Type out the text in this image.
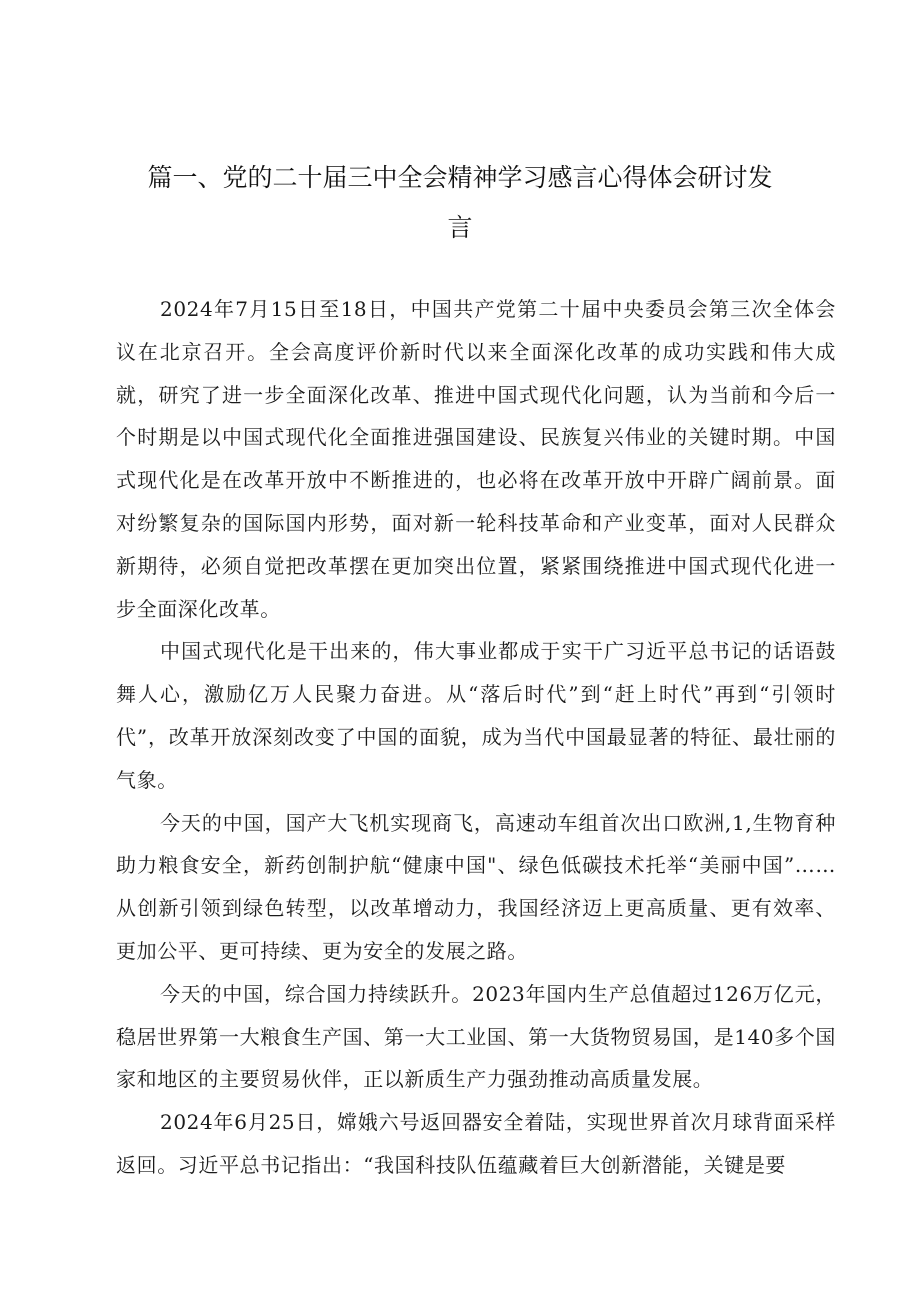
篇一、党的二十届三中全会精神学习感言心得体会研讨发
言

2024年7月15日至18日，中国共产党第二十届中央委员会第三次全体会议在北京召开。全会高度评价新时代以来全面深化改革的成功实践和伟大成就，研究了进一步全面深化改革、推进中国式现代化问题，认为当前和今后一个时期是以中国式现代化全面推进强国建设、民族复兴伟业的关键时期。中国式现代化是在改革开放中不断推进的，也必将在改革开放中开辟广阔前景。面对纷繁复杂的国际国内形势，面对新一轮科技革命和产业变革，面对人民群众新期待，必须自觉把改革摆在更加突出位置，紧紧围绕推进中国式现代化进一步全面深化改革。

中国式现代化是干出来的，伟大事业都成于实干广习近平总书记的话语鼓舞人心，激励亿万人民聚力奋进。从“落后时代”到“赶上时代”再到“引领时代”，改革开放深刻改变了中国的面貌，成为当代中国最显著的特征、最壮丽的气象。

今天的中国，国产大飞机实现商飞，高速动车组首次出口欧洲,1,生物育种助力粮食安全，新药创制护航“健康中国"、绿色低碳技术托举“美丽中国”……从创新引领到绿色转型，以改革增动力，我国经济迈上更高质量、更有效率、更加公平、更可持续、更为安全的发展之路。

今天的中国，综合国力持续跃升。2023年国内生产总值超过126万亿元，稳居世界第一大粮食生产国、第一大工业国、第一大货物贸易国，是140多个国家和地区的主要贸易伙伴，正以新质生产力强劲推动高质量发展。

2024年6月25日，嫦娥六号返回器安全着陆，实现世界首次月球背面采样返回。习近平总书记指出：“我国科技队伍蕴藏着巨大创新潜能，关键是要
